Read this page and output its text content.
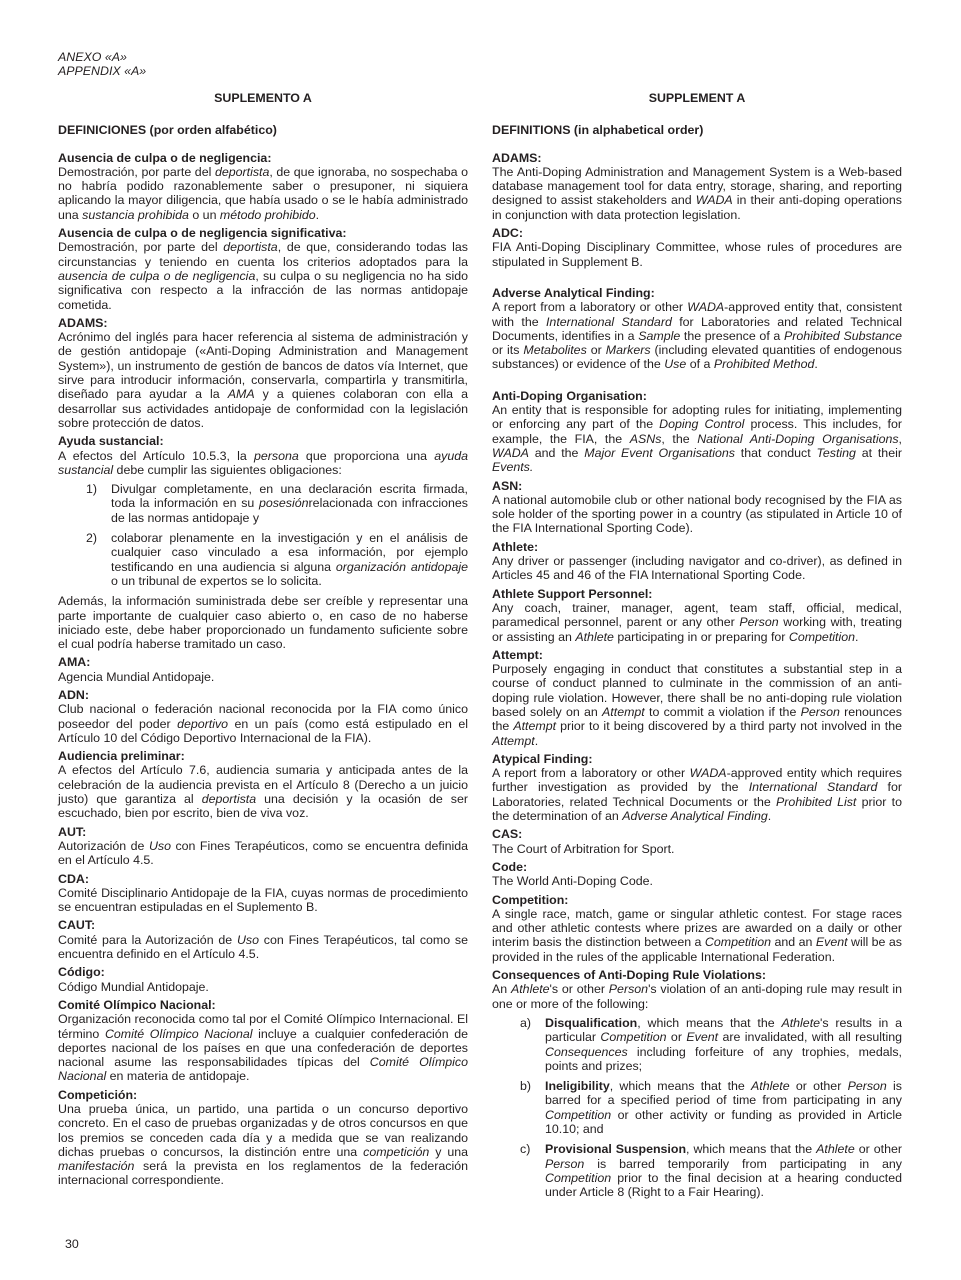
ANEXO «A»
APPENDIX «A»
SUPLEMENTO A
DEFINICIONES (por orden alfabético)
Ausencia de culpa o de negligencia:
Demostración, por parte del deportista, de que ignoraba, no sospechaba o no habría podido razonablemente saber o presuponer, ni siquiera aplicando la mayor diligencia, que había usado o se le había administrado una sustancia prohibida o un método prohibido.
Ausencia de culpa o de negligencia significativa:
Demostración, por parte del deportista, de que, considerando todas las circunstancias y teniendo en cuenta los criterios adoptados para la ausencia de culpa o de negligencia, su culpa o su negligencia no ha sido significativa con respecto a la infracción de las normas antidopaje cometida.
ADAMS:
Acrónimo del inglés para hacer referencia al sistema de administración y de gestión antidopaje («Anti-Doping Administration and Management System»), un instrumento de gestión de bancos de datos vía Internet, que sirve para introducir información, conservarla, compartirla y transmitirla, diseñado para ayudar a la AMA y a quienes colaboran con ella a desarrollar sus actividades antidopaje de conformidad con la legislación sobre protección de datos.
Ayuda sustancial:
A efectos del Artículo 10.5.3, la persona que proporciona una ayuda sustancial debe cumplir las siguientes obligaciones:
1) Divulgar completamente, en una declaración escrita firmada, toda la información en su posesiónrelacionada con infracciones de las normas antidopaje y
2) colaborar plenamente en la investigación y en el análisis de cualquier caso vinculado a esa información, por ejemplo testificando en una audiencia si alguna organización antidopaje o un tribunal de expertos se lo solicita.
Además, la información suministrada debe ser creíble y representar una parte importante de cualquier caso abierto o, en caso de no haberse iniciado este, debe haber proporcionado un fundamento suficiente sobre el cual podría haberse tramitado un caso.
AMA:
Agencia Mundial Antidopaje.
ADN:
Club nacional o federación nacional reconocida por la FIA como único poseedor del poder deportivo en un país (como está estipulado en el Artículo 10 del Código Deportivo Internacional de la FIA).
Audiencia preliminar:
A efectos del Artículo 7.6, audiencia sumaria y anticipada antes de la celebración de la audiencia prevista en el Artículo 8 (Derecho a un juicio justo) que garantiza al deportista una decisión y la ocasión de ser escuchado, bien por escrito, bien de viva voz.
AUT:
Autorización de Uso con Fines Terapéuticos, como se encuentra definida en el Artículo 4.5.
CDA:
Comité Disciplinario Antidopaje de la FIA, cuyas normas de procedimiento se encuentran estipuladas en el Suplemento B.
CAUT:
Comité para la Autorización de Uso con Fines Terapéuticos, tal como se encuentra definido en el Artículo 4.5.
Código:
Código Mundial Antidopaje.
Comité Olímpico Nacional:
Organización reconocida como tal por el Comité Olímpico Internacional. El término Comité Olímpico Nacional incluye a cualquier confederación de deportes nacional de los países en que una confederación de deportes nacional asume las responsabilidades típicas del Comité Olímpico Nacional en materia de antidopaje.
Competición:
Una prueba única, un partido, una partida o un concurso deportivo concreto. En el caso de pruebas organizadas y de otros concursos en que los premios se conceden cada día y a medida que se van realizando dichas pruebas o concursos, la distinción entre una competición y una manifestación será la prevista en los reglamentos de la federación internacional correspondiente.
SUPPLEMENT A
DEFINITIONS (in alphabetical order)
ADAMS:
The Anti-Doping Administration and Management System is a Web-based database management tool for data entry, storage, sharing, and reporting designed to assist stakeholders and WADA in their anti-doping operations in conjunction with data protection legislation.
ADC:
FIA Anti-Doping Disciplinary Committee, whose rules of procedures are stipulated in Supplement B.
Adverse Analytical Finding:
A report from a laboratory or other WADA-approved entity that, consistent with the International Standard for Laboratories and related Technical Documents, identifies in a Sample the presence of a Prohibited Substance or its Metabolites or Markers (including elevated quantities of endogenous substances) or evidence of the Use of a Prohibited Method.
Anti-Doping Organisation:
An entity that is responsible for adopting rules for initiating, implementing or enforcing any part of the Doping Control process. This includes, for example, the FIA, the ASNs, the National Anti-Doping Organisations, WADA and the Major Event Organisations that conduct Testing at their Events.
ASN:
A national automobile club or other national body recognised by the FIA as sole holder of the sporting power in a country (as stipulated in Article 10 of the FIA International Sporting Code).
Athlete:
Any driver or passenger (including navigator and co-driver), as defined in Articles 45 and 46 of the FIA International Sporting Code.
Athlete Support Personnel:
Any coach, trainer, manager, agent, team staff, official, medical, paramedical personnel, parent or any other Person working with, treating or assisting an Athlete participating in or preparing for Competition.
Attempt:
Purposely engaging in conduct that constitutes a substantial step in a course of conduct planned to culminate in the commission of an anti-doping rule violation. However, there shall be no anti-doping rule violation based solely on an Attempt to commit a violation if the Person renounces the Attempt prior to it being discovered by a third party not involved in the Attempt.
Atypical Finding:
A report from a laboratory or other WADA-approved entity which requires further investigation as provided by the International Standard for Laboratories, related Technical Documents or the Prohibited List prior to the determination of an Adverse Analytical Finding.
CAS:
The Court of Arbitration for Sport.
Code:
The World Anti-Doping Code.
Competition:
A single race, match, game or singular athletic contest. For stage races and other athletic contests where prizes are awarded on a daily or other interim basis the distinction between a Competition and an Event will be as provided in the rules of the applicable International Federation.
Consequences of Anti-Doping Rule Violations:
An Athlete's or other Person's violation of an anti-doping rule may result in one or more of the following:
a) Disqualification, which means that the Athlete's results in a particular Competition or Event are invalidated, with all resulting Consequences including forfeiture of any trophies, medals, points and prizes;
b) Ineligibility, which means that the Athlete or other Person is barred for a specified period of time from participating in any Competition or other activity or funding as provided in Article 10.10; and
c) Provisional Suspension, which means that the Athlete or other Person is barred temporarily from participating in any Competition prior to the final decision at a hearing conducted under Article 8 (Right to a Fair Hearing).
30
